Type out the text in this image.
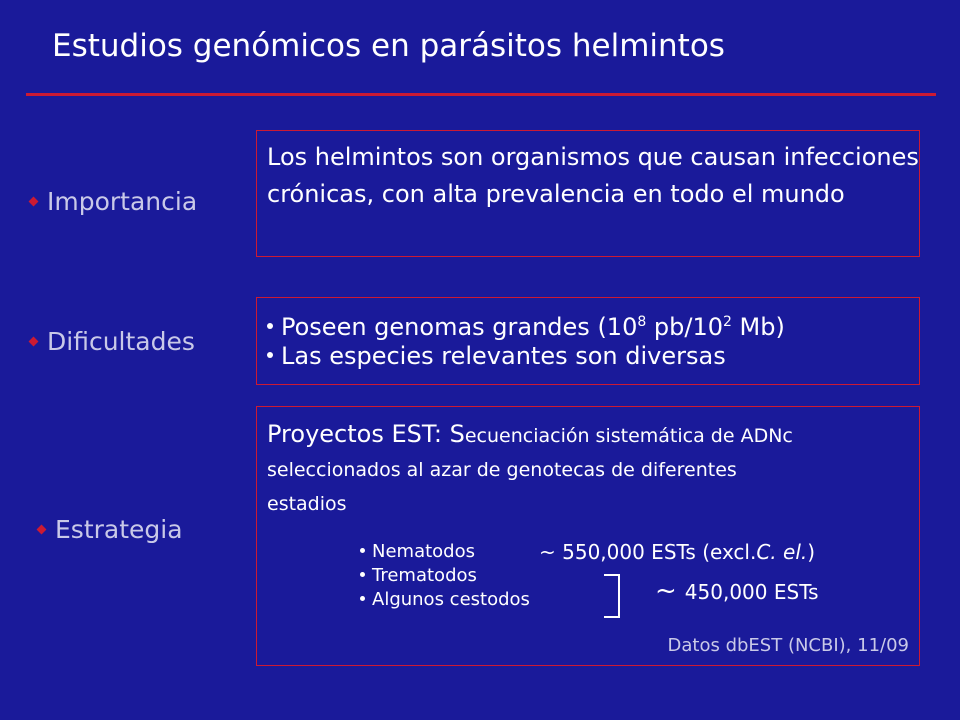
Estudios genómicos en parásitos helmintos
Importancia
Los helmintos son organismos que causan infecciones crónicas, con alta prevalencia en todo el mundo
Dificultades	Poseen genomas grandes ($10^8$ $pb/10^2$ Mb)
Las especies relevantes son diversas
Estrategia
Proyectos EST: Secuenciación sistemática de ADNc
seleccionados al azar de genotecas de diferentes
estadios
Nematodos
Trematodos
Algunos cestodos
~ 550,000 ESTs (excl.C. el.)
~ 450,000 ESTs
Datos dbEST (NCBI), 11/09
